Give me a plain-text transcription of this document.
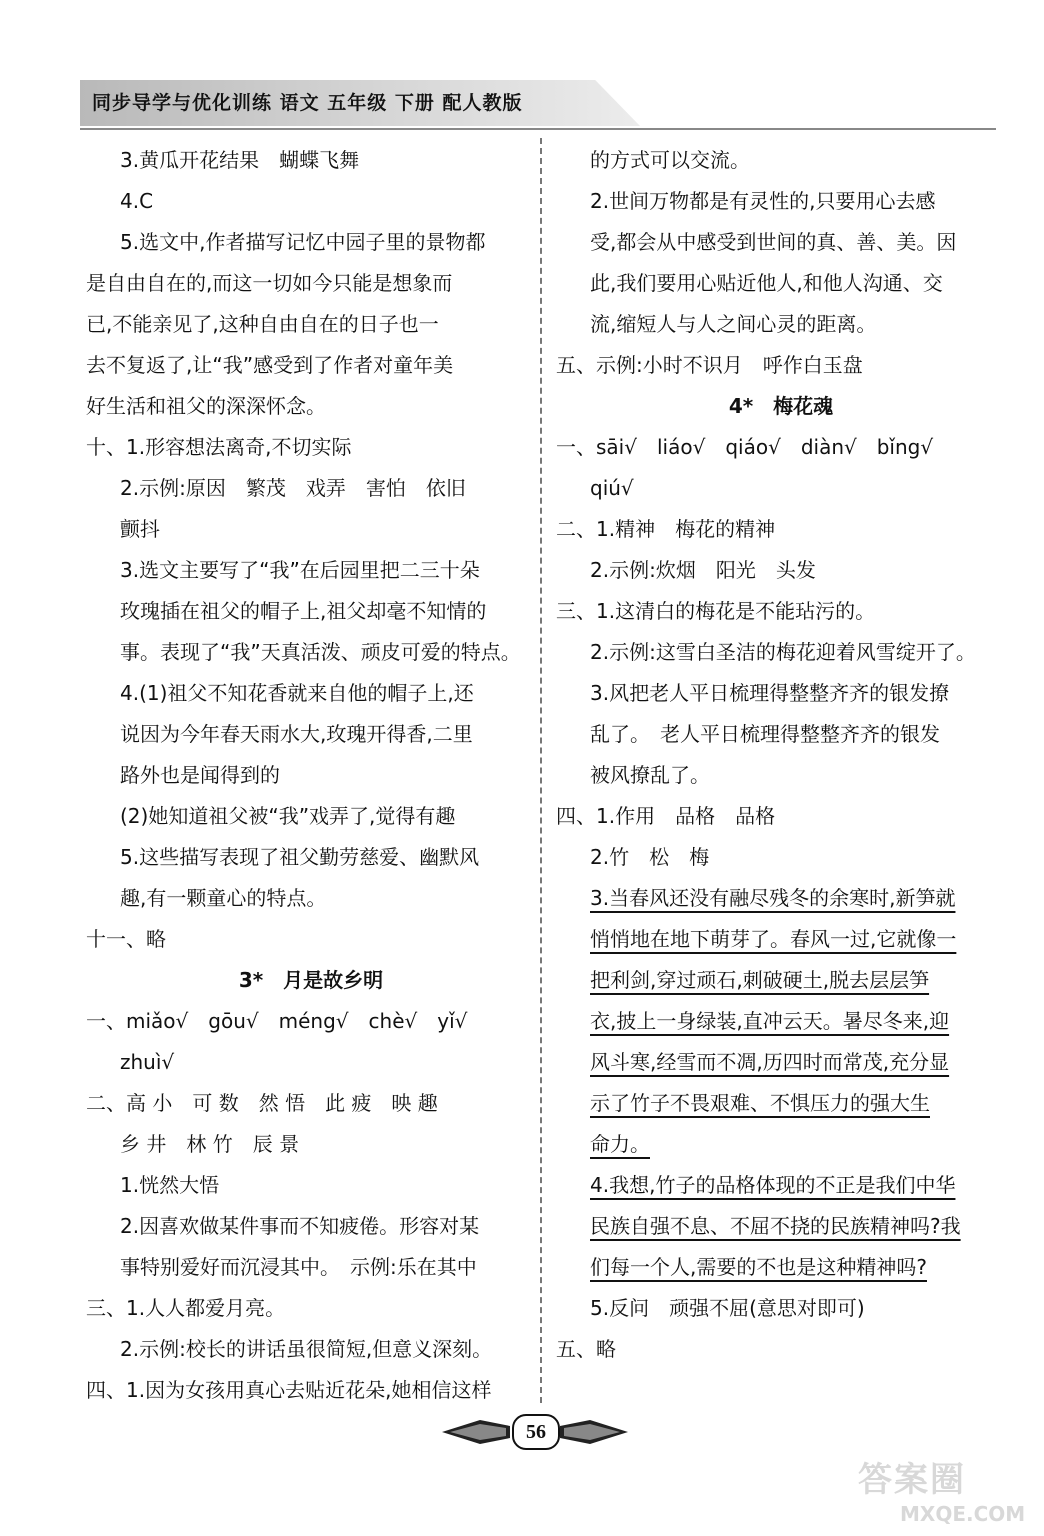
同步导学与优化训练 语文 五年级 下册 配人教版
3.黄瓜开花结果　蝴蝶飞舞
4.C
5.选文中,作者描写记忆中园子里的景物都
是自由自在的,而这一切如今只能是想象而
已,不能亲见了,这种自由自在的日子也一
去不复返了,让“我”感受到了作者对童年美
好生活和祖父的深深怀念。
十、1.形容想法离奇,不切实际
2.示例:原因　繁茂　戏弄　害怕　依旧
颤抖
3.选文主要写了“我”在后园里把二三十朵
玫瑰插在祖父的帽子上,祖父却毫不知情的
事。表现了“我”天真活泼、顽皮可爱的特点。
4.(1)祖父不知花香就来自他的帽子上,还
说因为今年春天雨水大,玫瑰开得香,二里
路外也是闻得到的
(2)她知道祖父被“我”戏弄了,觉得有趣
5.这些描写表现了祖父勤劳慈爱、幽默风
趣,有一颗童心的特点。
十一、略
3*　月是故乡明
一、miǎo√　gōu√　méng√　chè√　yǐ√
zhuì√
二、高 小　可 数　然 悟　此 疲　映 趣
乡 井　林 竹　辰 景
1.恍然大悟
2.因喜欢做某件事而不知疲倦。形容对某
事特别爱好而沉浸其中。　示例:乐在其中
三、1.人人都爱月亮。
2.示例:校长的讲话虽很简短,但意义深刻。
四、1.因为女孩用真心去贴近花朵,她相信这样
的方式可以交流。
2.世间万物都是有灵性的,只要用心去感
受,都会从中感受到世间的真、善、美。因
此,我们要用心贴近他人,和他人沟通、交
流,缩短人与人之间心灵的距离。
五、示例:小时不识月　呼作白玉盘
4*　梅花魂
一、sāi√　liáo√　qiáo√　diàn√　bǐng√
qiú√
二、1.精神　梅花的精神
2.示例:炊烟　阳光　头发
三、1.这清白的梅花是不能玷污的。
2.示例:这雪白圣洁的梅花迎着风雪绽开了。
3.风把老人平日梳理得整整齐齐的银发撩
乱了。　老人平日梳理得整整齐齐的银发
被风撩乱了。
四、1.作用　品格　品格
2.竹　松　梅
3.当春风还没有融尽残冬的余寒时,新笋就
悄悄地在地下萌芽了。春风一过,它就像一
把利剑,穿过顽石,刺破硬土,脱去层层笋
衣,披上一身绿装,直冲云天。暑尽冬来,迎
风斗寒,经雪而不凋,历四时而常茂,充分显
示了竹子不畏艰难、不惧压力的强大生
命力。
4.我想,竹子的品格体现的不正是我们中华
民族自强不息、不屈不挠的民族精神吗?我
们每一个人,需要的不也是这种精神吗?
5.反问　顽强不屈(意思对即可)
五、略
56
答案圈
MXQE.COM
